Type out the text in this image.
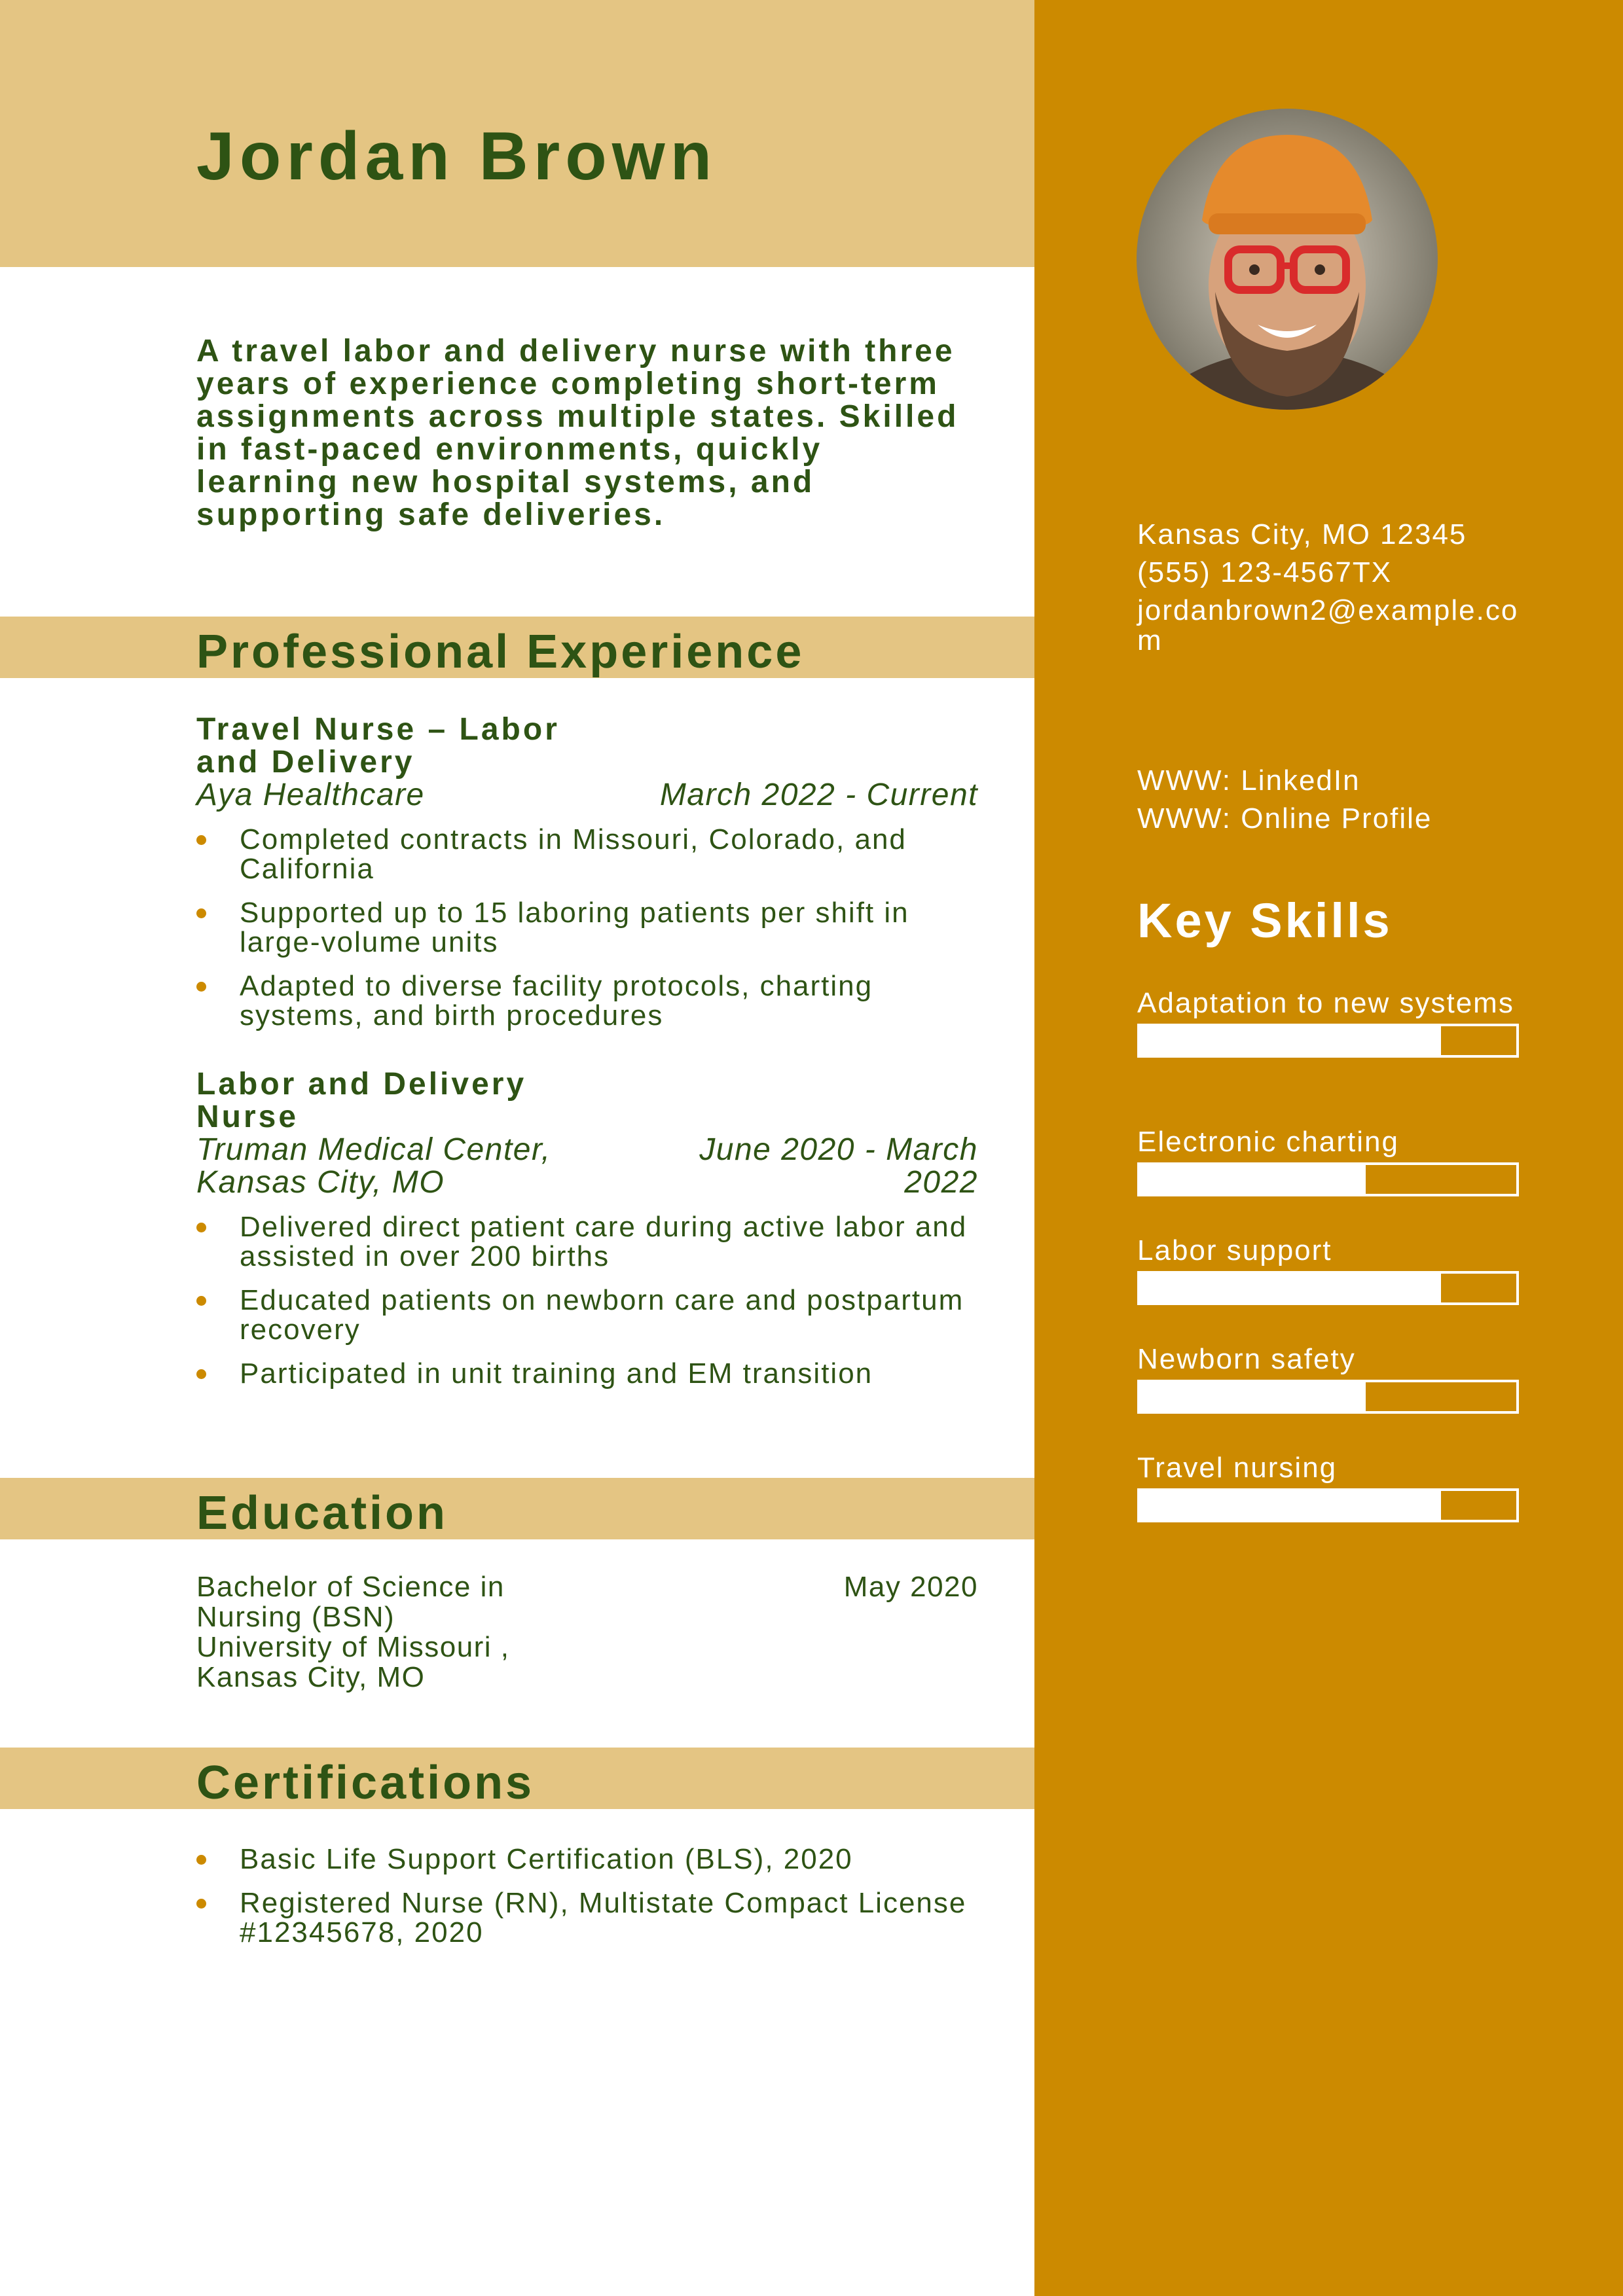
Jordan Brown

A travel labor and delivery nurse with three years of experience completing short-term assignments across multiple states. Skilled in fast-paced environments, quickly learning new hospital systems, and supporting safe deliveries.

Professional Experience
Travel Nurse – Labor and Delivery
Aya Healthcare	March 2022 - Current
Completed contracts in Missouri, Colorado, and California
Supported up to 15 laboring patients per shift in large-volume units
Adapted to diverse facility protocols, charting systems, and birth procedures
Labor and Delivery Nurse
Truman Medical Center, Kansas City, MO
June 2020 - March 2022
Delivered direct patient care during active labor and assisted in over 200 births
Educated patients on newborn care and postpartum recovery
Participated in unit training and EM transition
Education
Bachelor of Science in Nursing (BSN)
University of Missouri , Kansas City, MO
May 2020
Certifications
Basic Life Support Certification (BLS), 2020
Registered Nurse (RN), Multistate Compact License #12345678, 2020
Kansas City, MO 12345
(555) 123-4567TX
jordanbrown2@example.com
WWW: LinkedIn
WWW: Online Profile
Key Skills
Adaptation to new systems
Electronic charting
Labor support
Newborn safety
Travel nursing
